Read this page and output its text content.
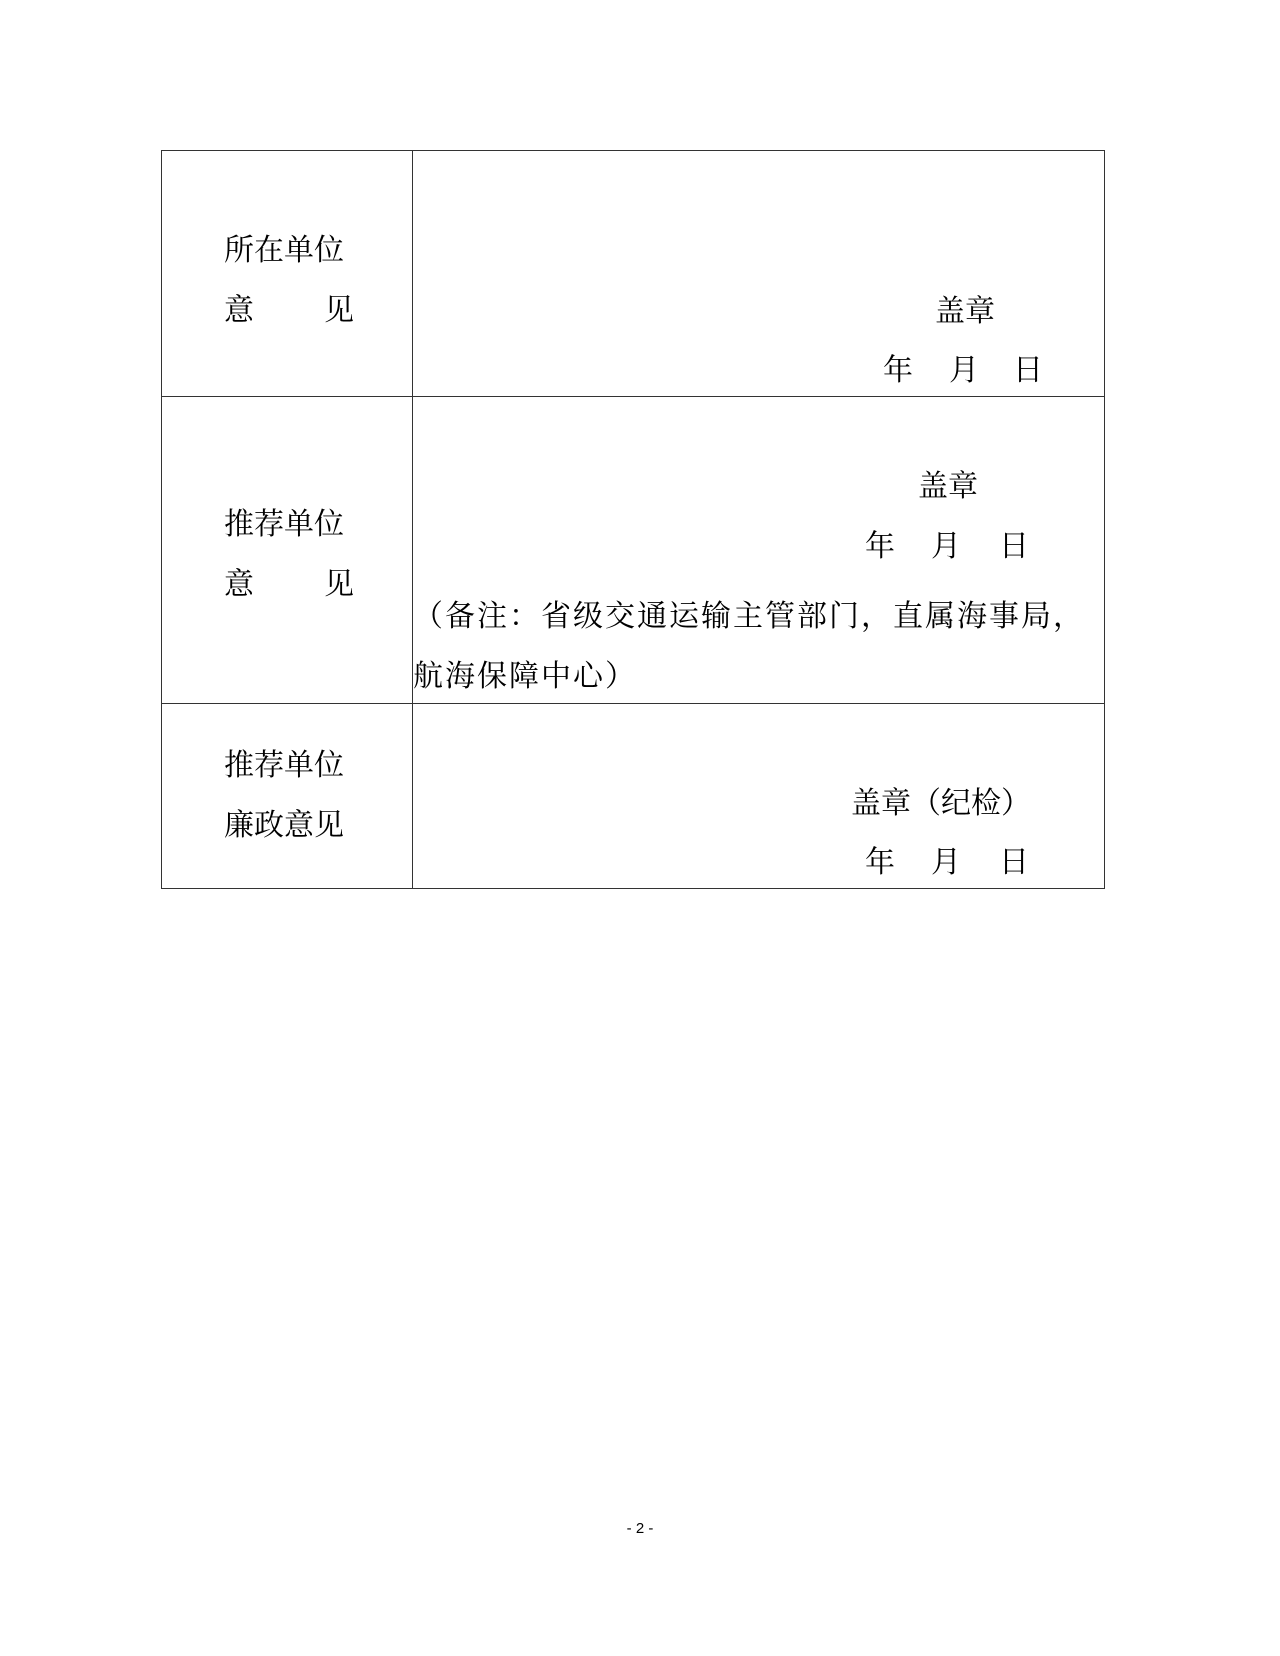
所在单位
意 见	盖章
年 月 日

推荐单位
意 见	盖章
年 月 日
（备注：省级交通运输主管部门，直属海事局，航海保障中心）

推荐单位
廉政意见	盖章（纪检）
年 月 日
- 2 -
